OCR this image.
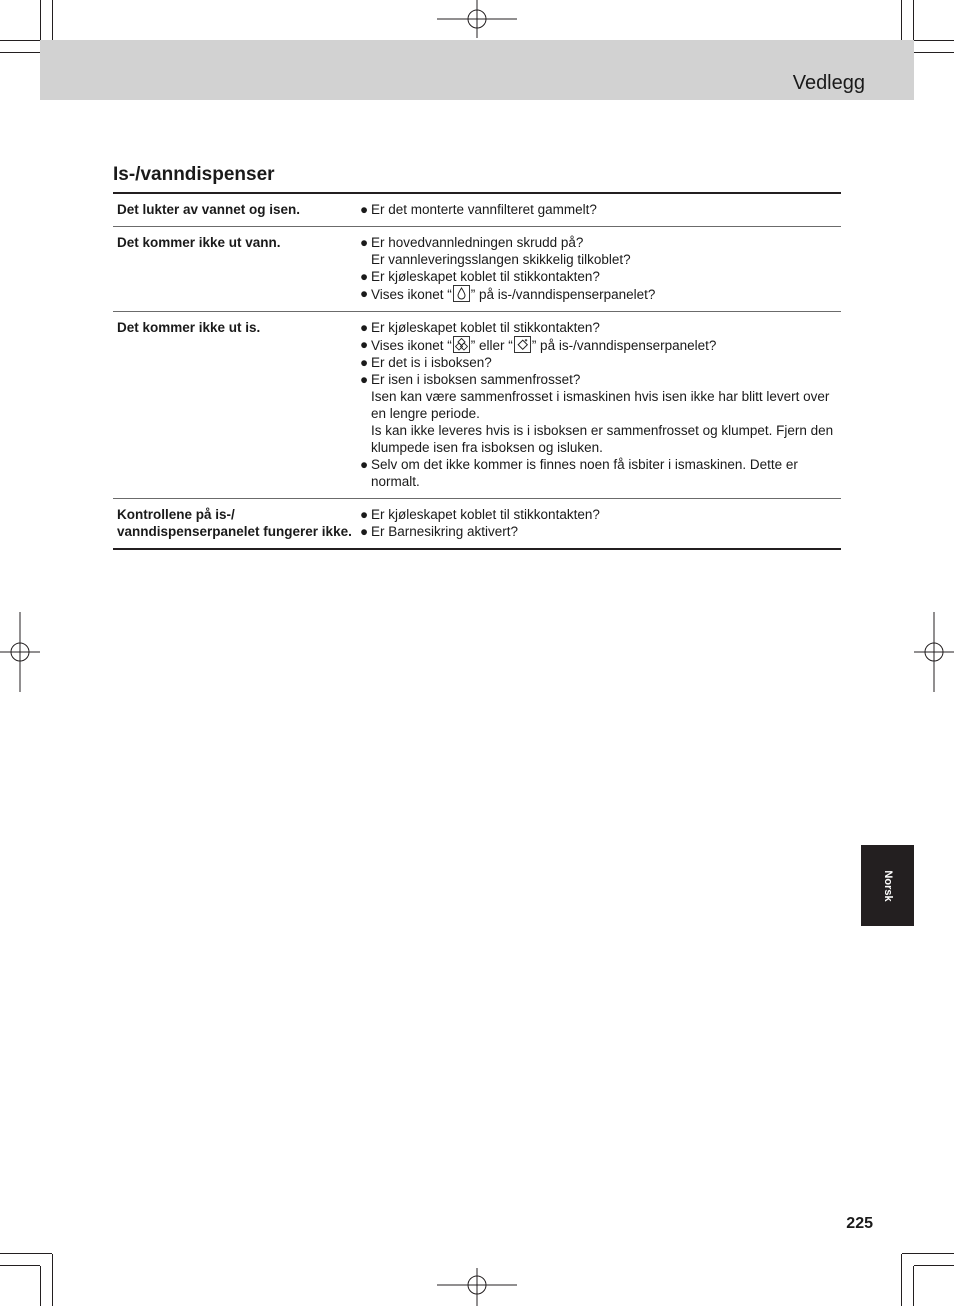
Vedlegg
Is-/vanndispenser
Det lukter av vannet og isen.	● Er det monterte vannfilteret gammelt?
Det kommer ikke ut vann.	● Er hovedvannledningen skrudd på?
Er vannleveringsslangen skikkelig tilkoblet?
● Er kjøleskapet koblet til stikkontakten?
● Vises ikonet “ ” på is-/vanndispenserpanelet?
Det kommer ikke ut is.	● Er kjøleskapet koblet til stikkontakten?
● Vises ikonet “ ” eller “ ” på is-/vanndispenserpanelet?
● Er det is i isboksen?
● Er isen i isboksen sammenfrosset?
Isen kan være sammenfrosset i ismaskinen hvis isen ikke har blitt levert over en lengre periode.
Is kan ikke leveres hvis is i isboksen er sammenfrosset og klumpet. Fjern den klumpede isen fra isboksen og isluken.
● Selv om det ikke kommer is finnes noen få isbiter i ismaskinen. Dette er normalt.
Kontrollene på is-/ vanndispenserpanelet fungerer ikke.
● Er kjøleskapet koblet til stikkontakten?
● Er Barnesikring aktivert?
Norsk
225
